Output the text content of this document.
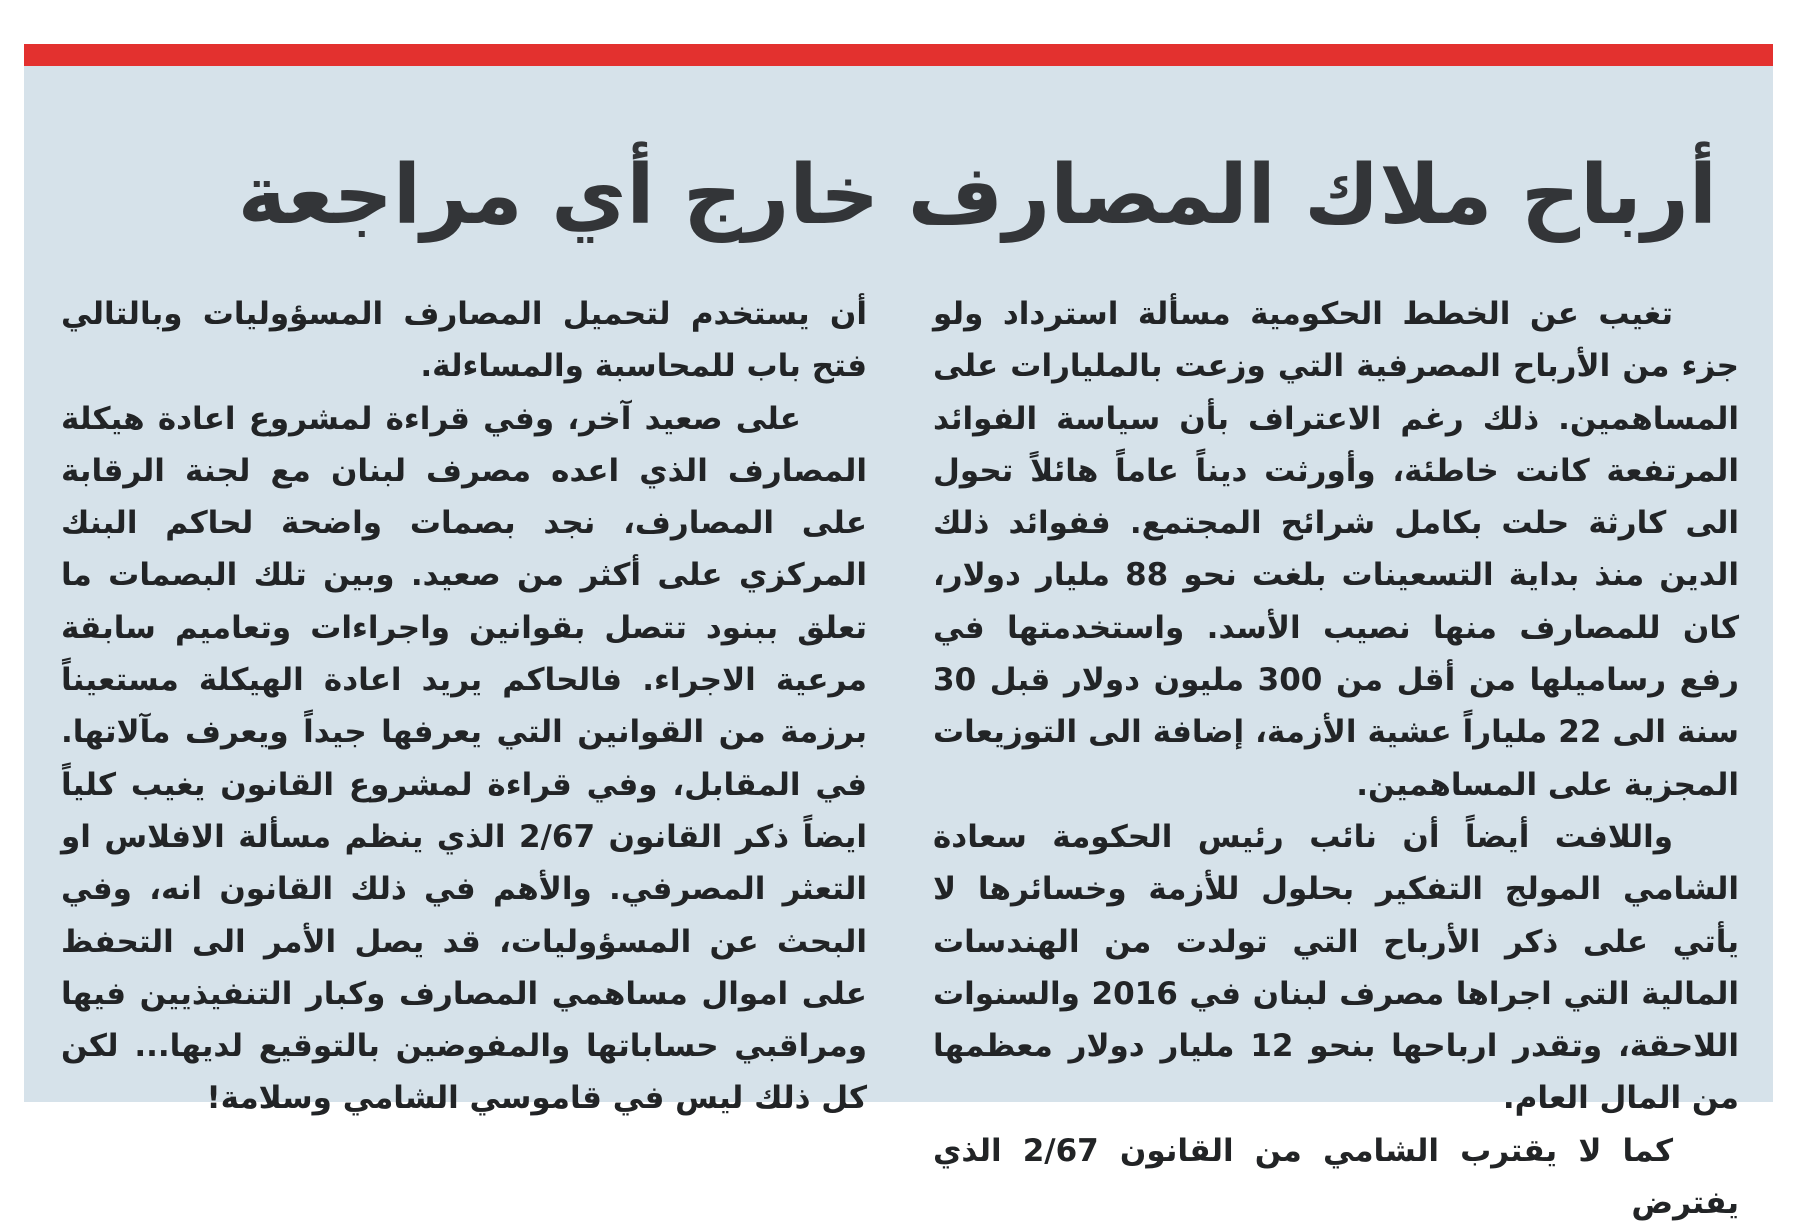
أرباح ملاك المصارف خارج أي مراجعة

تغيب عن الخطط الحكومية مسألة استرداد ولو جزء من الأرباح المصرفية التي وزعت بالمليارات على المساهمين. ذلك رغم الاعتراف بأن سياسة الفوائد المرتفعة كانت خاطئة، وأورثت ديناً عاماً هائلاً تحول الى كارثة حلت بكامل شرائح المجتمع. ففوائد ذلك الدين منذ بداية التسعينات بلغت نحو 88 مليار دولار، كان للمصارف منها نصيب الأسد. واستخدمتها في رفع رساميلها من أقل من 300 مليون دولار قبل 30 سنة الى 22 ملياراً عشية الأزمة، إضافة الى التوزيعات المجزية على المساهمين.

واللافت أيضاً أن نائب رئيس الحكومة سعادة الشامي المولج التفكير بحلول للأزمة وخسائرها لا يأتي على ذكر الأرباح التي تولدت من الهندسات المالية التي اجراها مصرف لبنان في 2016 والسنوات اللاحقة، وتقدر ارباحها بنحو 12 مليار دولار معظمها من المال العام.

كما لا يقترب الشامي من القانون 2/67 الذي يفترض

أن يستخدم لتحميل المصارف المسؤوليات وبالتالي فتح باب للمحاسبة والمساءلة.

على صعيد آخر، وفي قراءة لمشروع اعادة هيكلة المصارف الذي اعده مصرف لبنان مع لجنة الرقابة على المصارف، نجد بصمات واضحة لحاكم البنك المركزي على أكثر من صعيد. وبين تلك البصمات ما تعلق ببنود تتصل بقوانين واجراءات وتعاميم سابقة مرعية الاجراء. فالحاكم يريد اعادة الهيكلة مستعيناً برزمة من القوانين التي يعرفها جيداً ويعرف مآلاتها. في المقابل، وفي قراءة لمشروع القانون يغيب كلياً ايضاً ذكر القانون 2/67 الذي ينظم مسألة الافلاس او التعثر المصرفي. والأهم في ذلك القانون انه، وفي البحث عن المسؤوليات، قد يصل الأمر الى التحفظ على اموال مساهمي المصارف وكبار التنفيذيين فيها ومراقبي حساباتها والمفوضين بالتوقيع لديها... لكن كل ذلك ليس في قاموسي الشامي وسلامة!
